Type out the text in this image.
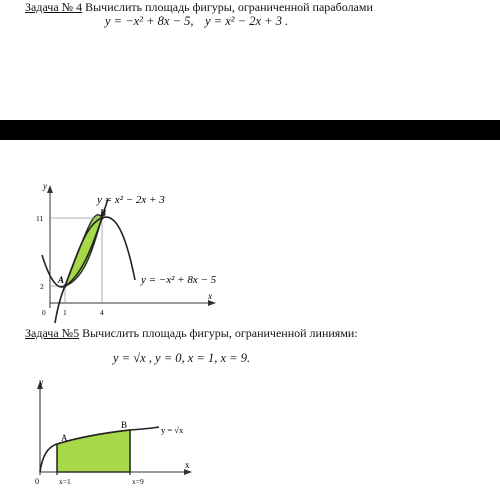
Задача № 4 Вычислить площадь фигуры, ограниченной параболами
y = −x² + 8x − 5, y = x² − 2x + 3 .
y
x
11
2
0 1	4
A
B
y = x² − 2x + 3
y = −x² + 8x − 5
Задача №5 Вычислить площадь фигуры, ограниченной линиями:
y = √x , y = 0, x = 1, x = 9.
y
x
0	x=1	x=9
A
B	y = √x
